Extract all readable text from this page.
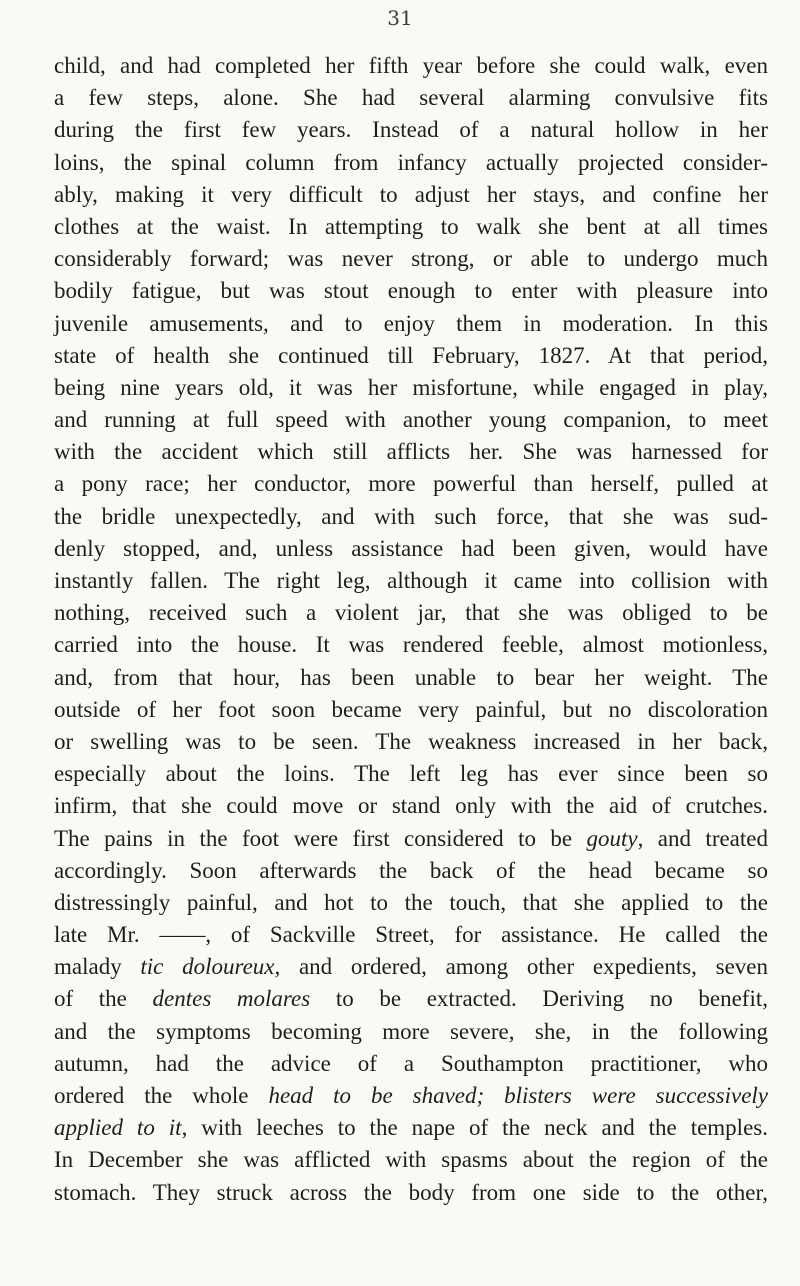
31
child, and had completed her fifth year before she could walk, even
a few steps, alone. She had several alarming convulsive fits
during the first few years. Instead of a natural hollow in her
loins, the spinal column from infancy actually projected consider-
ably, making it very difficult to adjust her stays, and confine her
clothes at the waist. In attempting to walk she bent at all times
considerably forward; was never strong, or able to undergo much
bodily fatigue, but was stout enough to enter with pleasure into
juvenile amusements, and to enjoy them in moderation. In this
state of health she continued till February, 1827. At that period,
being nine years old, it was her misfortune, while engaged in play,
and running at full speed with another young companion, to meet
with the accident which still afflicts her. She was harnessed for
a pony race; her conductor, more powerful than herself, pulled at
the bridle unexpectedly, and with such force, that she was sud-
denly stopped, and, unless assistance had been given, would have
instantly fallen. The right leg, although it came into collision with
nothing, received such a violent jar, that she was obliged to be
carried into the house. It was rendered feeble, almost motionless,
and, from that hour, has been unable to bear her weight. The
outside of her foot soon became very painful, but no discoloration
or swelling was to be seen. The weakness increased in her back,
especially about the loins. The left leg has ever since been so
infirm, that she could move or stand only with the aid of crutches.
The pains in the foot were first considered to be gouty, and treated
accordingly. Soon afterwards the back of the head became so
distressingly painful, and hot to the touch, that she applied to the
late Mr. ——, of Sackville Street, for assistance. He called the
malady tic doloureux, and ordered, among other expedients, seven
of the dentes molares to be extracted. Deriving no benefit,
and the symptoms becoming more severe, she, in the following
autumn, had the advice of a Southampton practitioner, who
ordered the whole head to be shaved; blisters were successively
applied to it, with leeches to the nape of the neck and the temples.
In December she was afflicted with spasms about the region of the
stomach. They struck across the body from one side to the other,
